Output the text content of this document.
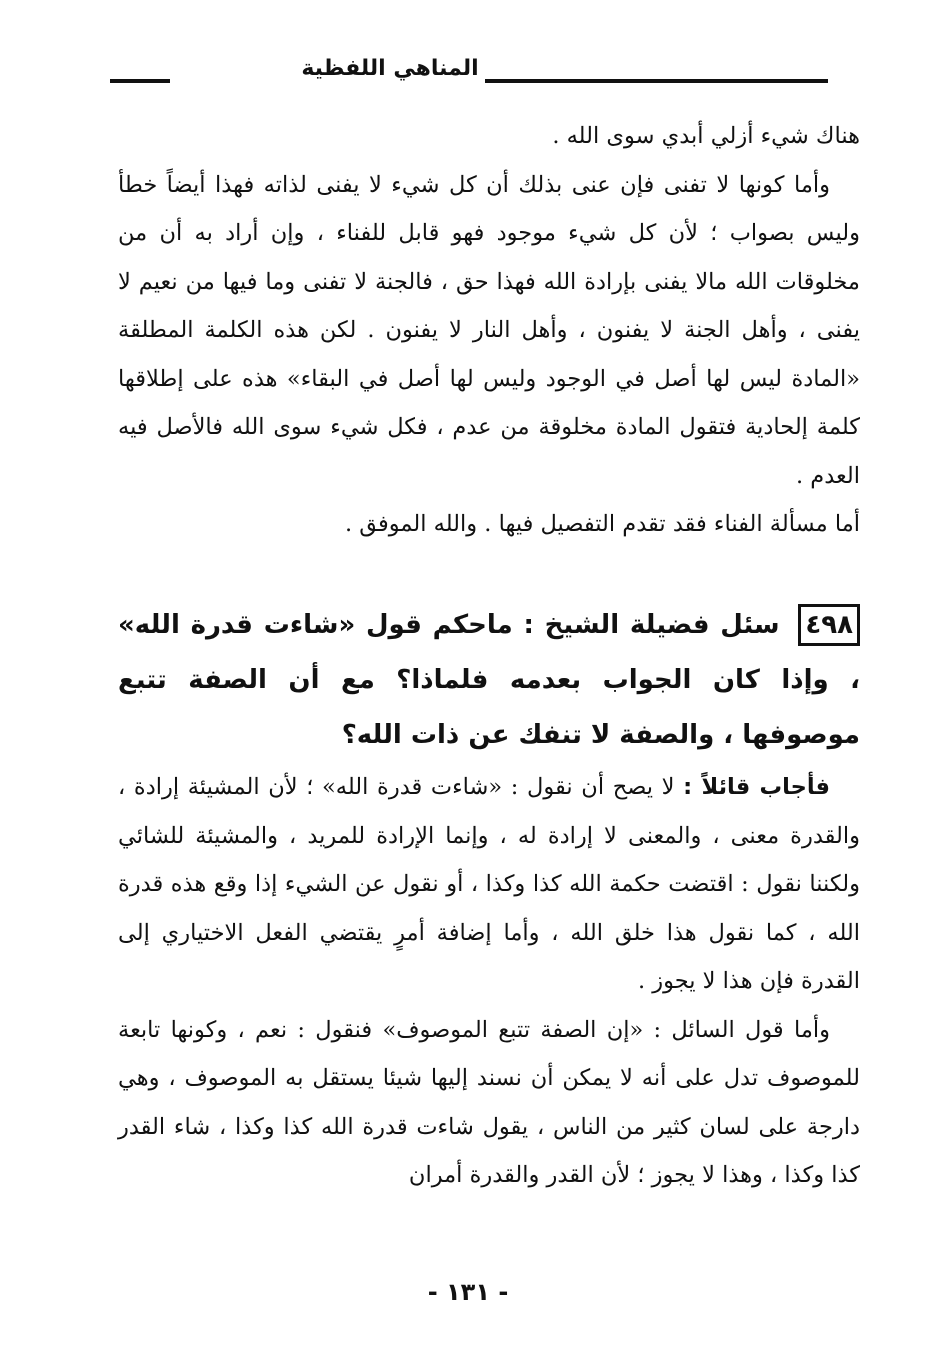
المناهي اللفظية

هناك شيء أزلي أبدي سوى الله .

وأما كونها لا تفنى فإن عنى بذلك أن كل شيء لا يفنى لذاته فهذا أيضاً خطأ وليس بصواب ؛ لأن كل شيء موجود فهو قابل للفناء ، وإن أراد به أن من مخلوقات الله مالا يفنى بإرادة الله فهذا حق ، فالجنة لا تفنى وما فيها من نعيم لا يفنى ، وأهل الجنة لا يفنون ، وأهل النار لا يفنون . لكن هذه الكلمة المطلقة «المادة ليس لها أصل في الوجود وليس لها أصل في البقاء» هذه على إطلاقها كلمة إلحادية فتقول المادة مخلوقة من عدم ، فكل شيء سوى الله فالأصل فيه العدم .

أما مسألة الفناء فقد تقدم التفصيل فيها . والله الموفق .

٤٩٨ سئل فضيلة الشيخ : ماحكم قول «شاءت قدرة الله» ، وإذا كان الجواب بعدمه فلماذا؟ مع أن الصفة تتبع موصوفها ، والصفة لا تنفك عن ذات الله؟

فأجاب قائلاً : لا يصح أن نقول : «شاءت قدرة الله» ؛ لأن المشيئة إرادة ، والقدرة معنى ، والمعنى لا إرادة له ، وإنما الإرادة للمريد ، والمشيئة للشائي ولكننا نقول : اقتضت حكمة الله كذا وكذا ، أو نقول عن الشيء إذا وقع هذه قدرة الله ، كما نقول هذا خلق الله ، وأما إضافة أمرٍ يقتضي الفعل الاختياري إلى القدرة فإن هذا لا يجوز .

وأما قول السائل : «إن الصفة تتبع الموصوف» فنقول : نعم ، وكونها تابعة للموصوف تدل على أنه لا يمكن أن نسند إليها شيئا يستقل به الموصوف ، وهي دارجة على لسان كثير من الناس ، يقول شاءت قدرة الله كذا وكذا ، شاء القدر كذا وكذا ، وهذا لا يجوز ؛ لأن القدر والقدرة أمران

- ١٣١ -
